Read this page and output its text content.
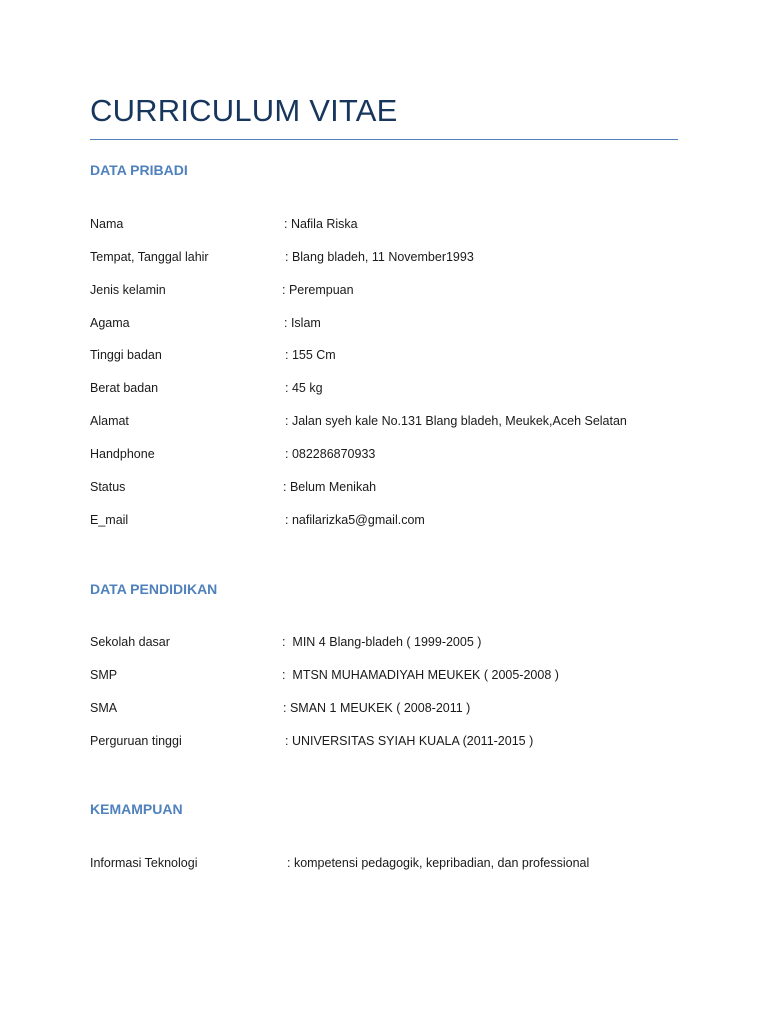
CURRICULUM VITAE
DATA PRIBADI
Nama	: Nafila Riska
Tempat, Tanggal lahir	: Blang bladeh, 11 November1993
Jenis kelamin	: Perempuan
Agama	: Islam
Tinggi badan	: 155 Cm
Berat badan	: 45 kg
Alamat	: Jalan syeh kale No.131 Blang bladeh, Meukek,Aceh Selatan
Handphone	: 082286870933
Status	: Belum Menikah
E_mail	: nafilarizka5@gmail.com
DATA PENDIDIKAN
Sekolah dasar	:  MIN 4 Blang-bladeh ( 1999-2005 )
SMP	:  MTSN MUHAMADIYAH MEUKEK ( 2005-2008 )
SMA	: SMAN 1 MEUKEK ( 2008-2011 )
Perguruan tinggi	: UNIVERSITAS SYIAH KUALA (2011-2015 )
KEMAMPUAN
Informasi Teknologi	: kompetensi pedagogik, kepribadian, dan professional
